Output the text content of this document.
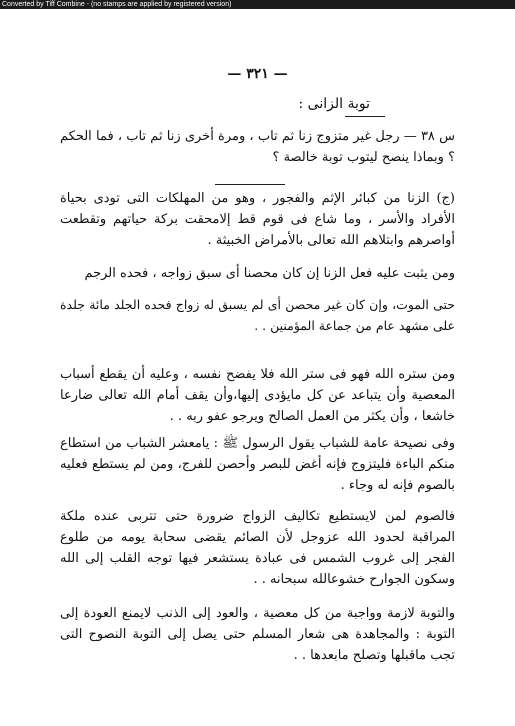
Converted by Tiff Combine - (no stamps are applied by registered version)
— ٣٢١ —
توبة الزانى :

س ٣٨ — رجل غير متزوج زنا ثم تاب ، ومرة أخرى زنا ثم تاب ، فما الحكم ؟ وبماذا ينصح ليتوب توبة خالصة ؟

(ج) الزنا من كبائر الإثم والفجور ، وهو من المهلكات التى تودى بحياة الأفراد والأسر ، وما شاع فى قوم قط إلامحقت بركة حياتهم وتقطعت أواصرهم وابتلاهم الله تعالى بالأمراض الخبيثة .

ومن يثبت عليه فعل الزنا إن كان محصنا أى سبق زواجه ، فحده الرجم

حتى الموت، وإن كان غير محصن أى لم يسبق له زواج فحده الجلد مائة جلدة على مشهد عام من جماعة المؤمنين . .

ومن ستره الله فهو فى ستر الله فلا يفضح نفسه ، وعليه أن يقطع أسباب المعصية وأن يتباعد عن كل مايؤدى إليها،وأن يقف أمام الله تعالى ضارعا خاشعا ، وأن يكثر من العمل الصالح ويرجو عفو ربه . .

وفى نصيحة عامة للشباب يقول الرسول ﷺ : يامعشر الشباب من استطاع منكم الباءة فليتزوج فإنه أغض للبصر وأحصن للفرج، ومن لم يستطع فعليه بالصوم فإنه له وجاء .

فالصوم لمن لايستطيع تكاليف الزواج ضرورة حتى تتربى عنده ملكة المراقبة لحدود الله عزوجل لأن الصائم يقضى سحابة يومه من طلوع الفجر إلى غروب الشمس فى عبادة يستشعر فيها توجه القلب إلى الله وسكون الجوارح خشوعالله سبحانه . .

والتوبة لازمة وواجبة من كل معصية ، والعود إلى الذنب لايمنع العودة إلى التوبة : والمجاهدة هى شعار المسلم حتى يصل إلى التوبة النصوح التى تجب ماقبلها وتصلح مابعدها . .
